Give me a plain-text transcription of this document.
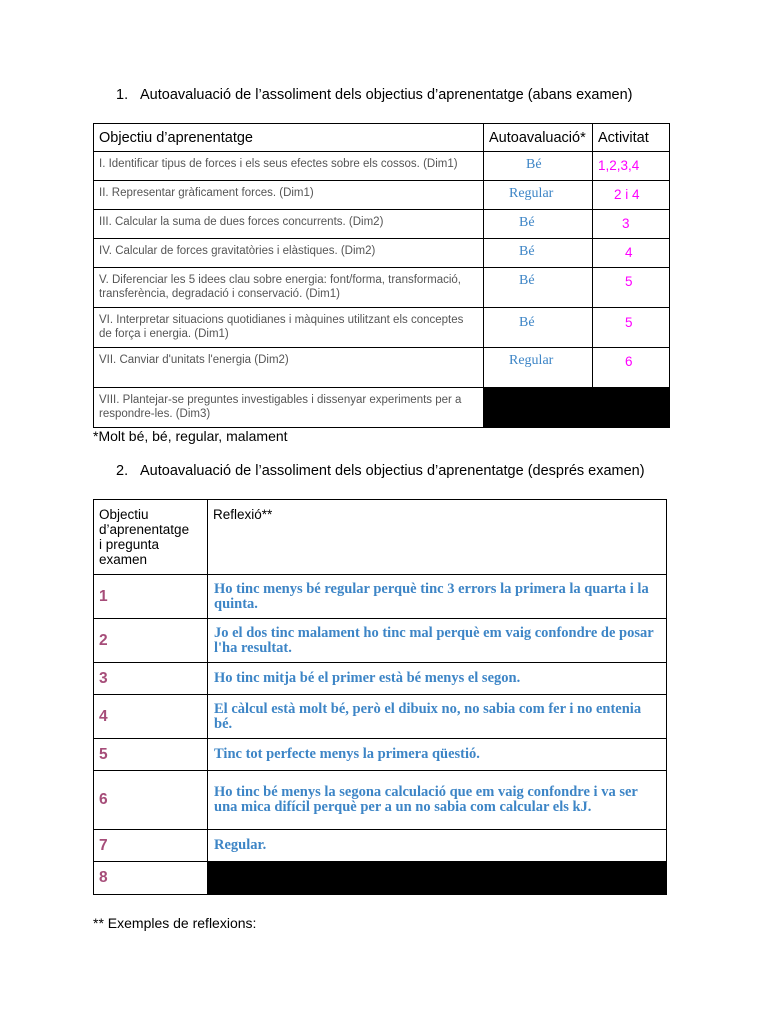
1. Autoavaluació de l’assoliment dels objectius d’aprenentatge (abans examen)
Objectiu d’aprenentatge	Autoavaluació*	Activitat
I. Identificar tipus de forces i els seus efectes sobre els cossos. (Dim1)	Bé	1,2,3,4
II. Representar gràficament forces. (Dim1)	Regular	2 i 4
III. Calcular la suma de dues forces concurrents. (Dim2)	Bé	3
IV. Calcular de forces gravitatòries i elàstiques. (Dim2)	Bé	4
V. Diferenciar les 5 idees clau sobre energia: font/forma, transformació, transferència, degradació i conservació. (Dim1)	Bé	5
VI. Interpretar situacions quotidianes i màquines utilitzant els conceptes de força i energia. (Dim1)	Bé	5
VII. Canviar d'unitats l'energia (Dim2)	Regular	6
VIII. Plantejar-se preguntes investigables i dissenyar experiments per a respondre-les. (Dim3)		
*Molt bé, bé, regular, malament
2. Autoavaluació de l’assoliment dels objectius d’aprenentatge (després examen)
Objectiu d’aprenentatge i pregunta examen	Reflexió**
1	Ho tinc menys bé regular perquè tinc 3 errors la primera la quarta i la quinta.
2	Jo el dos tinc malament ho tinc mal perquè em vaig confondre de posar l'ha resultat.
3	Ho tinc mitja bé el primer està bé menys el segon.
4	El càlcul està molt bé, però el dibuix no, no sabia com fer i no entenia bé.
5	Tinc tot perfecte menys la primera qüestió.
6	Ho tinc bé menys la segona calculació que em vaig confondre i va ser una mica difícil perquè per a un no sabia com calcular els kJ.
7	Regular.
8	
** Exemples de reflexions:
